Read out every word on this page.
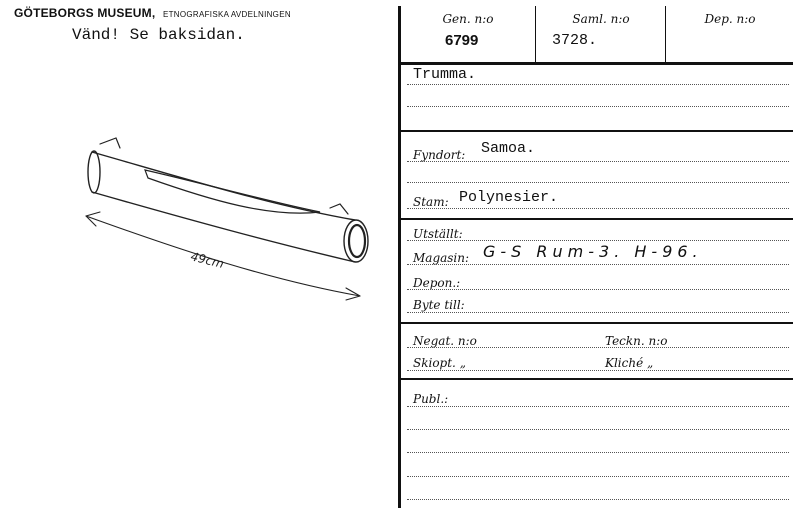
GÖTEBORGS MUSEUM, ETNOGRAFISKA AVDELNINGEN
Vänd! Se baksidan.
49cm
Gen. n:o
6799
Saml. n:o
3728.
Dep. n:o
Trumma.
Fyndort: Samoa.
Stam: Polynesier.
Utställt:
Magasin: G-S Rum-3. H-96.
Depon.:
Byte till:
Negat. n:o	Teckn. n:o
Skiopt. „	Kliché „
Publ.:
